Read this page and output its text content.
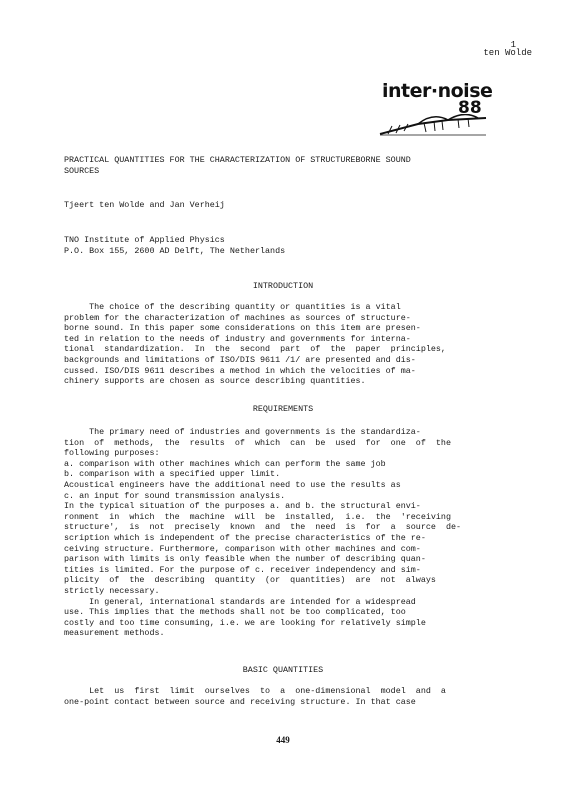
1
ten Wolde
inter·noise
88
PRACTICAL QUANTITIES FOR THE CHARACTERIZATION OF STRUCTUREBORNE SOUND
SOURCES
Tjeert ten Wolde and Jan Verheij
TNO Institute of Applied Physics
P.O. Box 155, 2600 AD Delft, The Netherlands
INTRODUCTION
The choice of the describing quantity or quantities is a vital
problem for the characterization of machines as sources of structure-
borne sound. In this paper some considerations on this item are presen-
ted in relation to the needs of industry and governments for interna-
tional  standardization.  In  the  second  part  of  the  paper  principles,
backgrounds and limitations of ISO/DIS 9611 /1/ are presented and dis-
cussed. ISO/DIS 9611 describes a method in which the velocities of ma-
chinery supports are chosen as source describing quantities.
REQUIREMENTS
The primary need of industries and governments is the standardiza-
tion  of  methods,  the  results  of  which  can  be  used  for  one  of  the
following purposes:
a. comparison with other machines which can perform the same job
b. comparison with a specified upper limit.
Acoustical engineers have the additional need to use the results as
c. an input for sound transmission analysis.
In the typical situation of the purposes a. and b. the structural envi-
ronment  in  which  the  machine  will  be  installed,  i.e.  the  'receiving
structure',  is  not  precisely  known  and  the  need  is  for  a  source  de-
scription which is independent of the precise characteristics of the re-
ceiving structure. Furthermore, comparison with other machines and com-
parison with limits is only feasible when the number of describing quan-
tities is limited. For the purpose of c. receiver independency and sim-
plicity  of  the  describing  quantity  (or  quantities)  are  not  always
strictly necessary.
In general, international standards are intended for a widespread
use. This implies that the methods shall not be too complicated, too
costly and too time consuming, i.e. we are looking for relatively simple
measurement methods.
BASIC QUANTITIES
Let  us  first  limit  ourselves  to  a  one-dimensional  model  and  a
one-point contact between source and receiving structure. In that case
449
